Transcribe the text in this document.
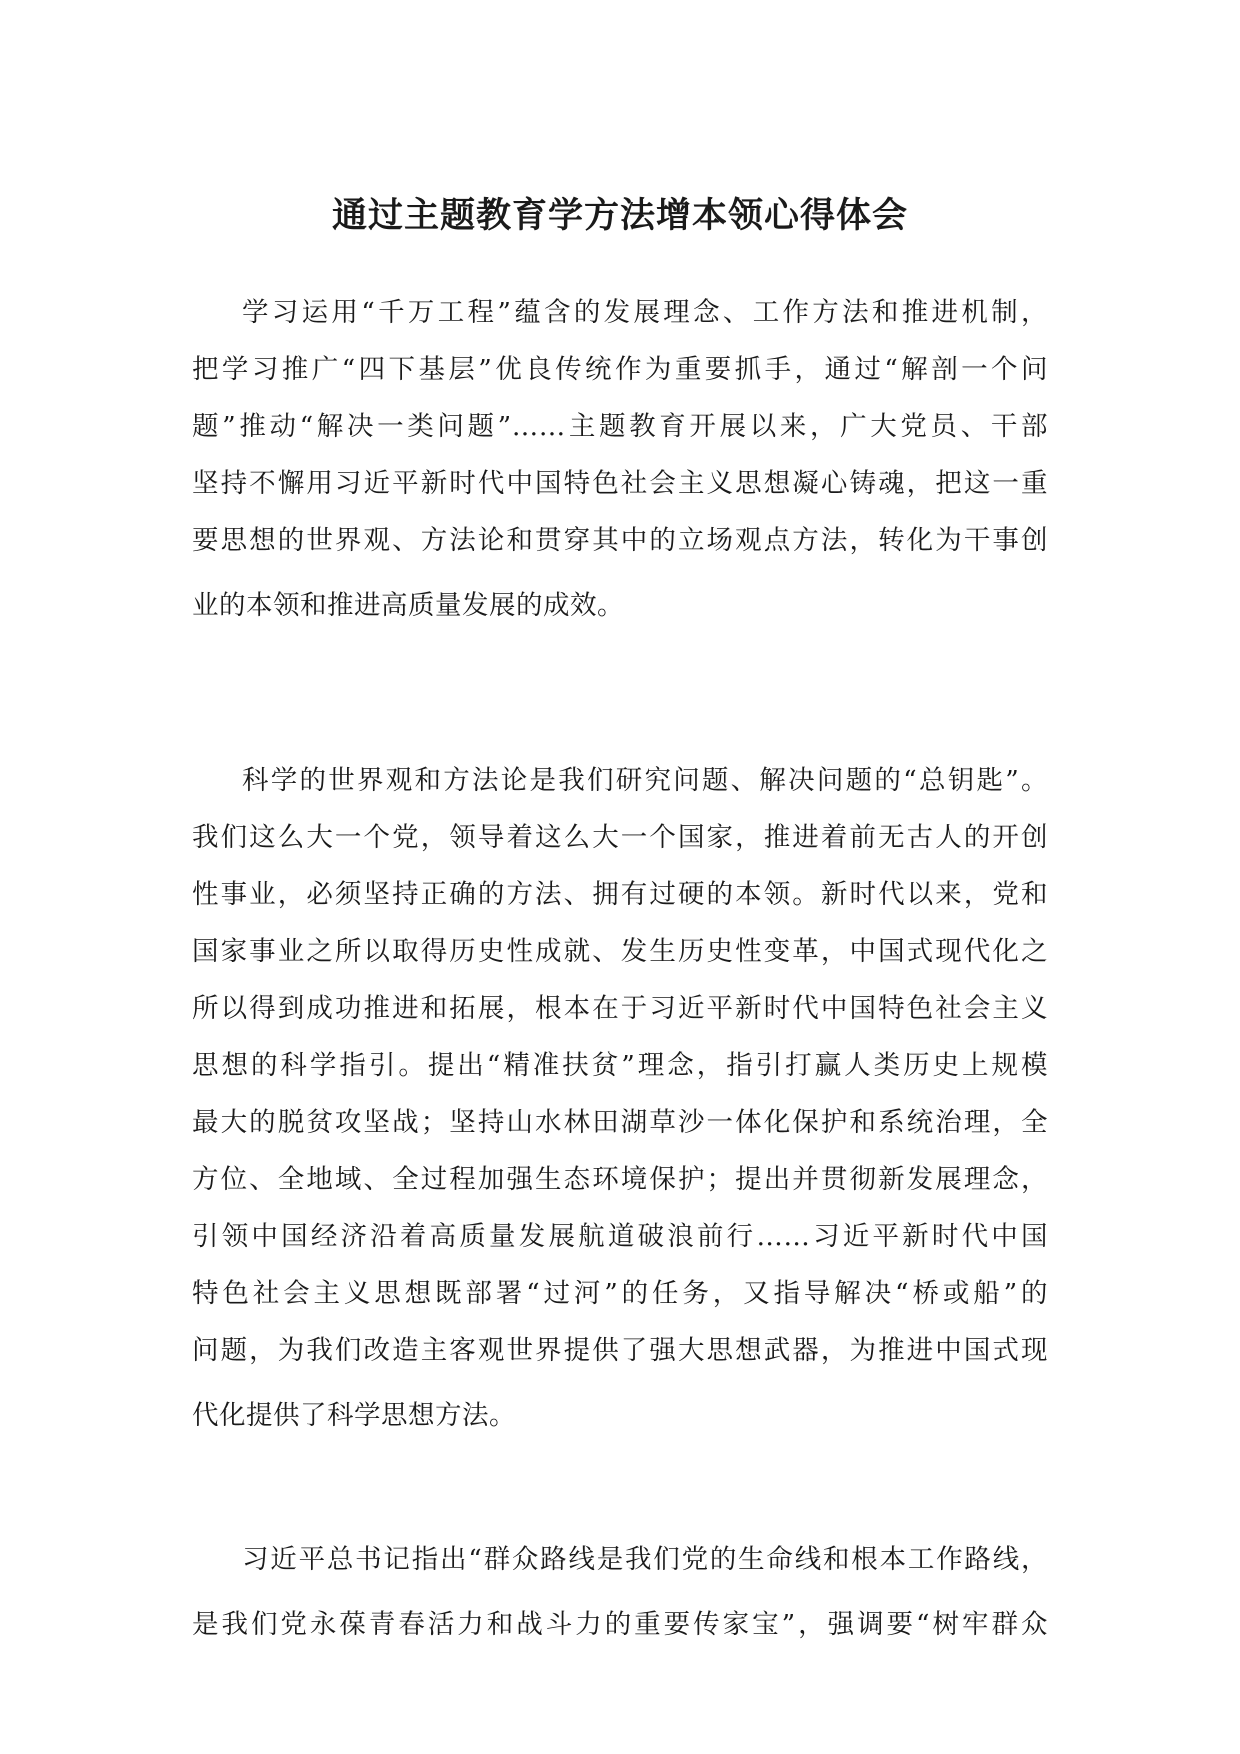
通过主题教育学方法增本领心得体会
学习运用“千万工程”蕴含的发展理念、工作方法和推进机制，
把学习推广“四下基层”优良传统作为重要抓手，通过“解剖一个问
题”推动“解决一类问题”……主题教育开展以来，广大党员、干部
坚持不懈用习近平新时代中国特色社会主义思想凝心铸魂，把这一重
要思想的世界观、方法论和贯穿其中的立场观点方法，转化为干事创
业的本领和推进高质量发展的成效。
科学的世界观和方法论是我们研究问题、解决问题的“总钥匙”。
我们这么大一个党，领导着这么大一个国家，推进着前无古人的开创
性事业，必须坚持正确的方法、拥有过硬的本领。新时代以来，党和
国家事业之所以取得历史性成就、发生历史性变革，中国式现代化之
所以得到成功推进和拓展，根本在于习近平新时代中国特色社会主义
思想的科学指引。提出“精准扶贫”理念，指引打赢人类历史上规模
最大的脱贫攻坚战；坚持山水林田湖草沙一体化保护和系统治理，全
方位、全地域、全过程加强生态环境保护；提出并贯彻新发展理念，
引领中国经济沿着高质量发展航道破浪前行……习近平新时代中国
特色社会主义思想既部署“过河”的任务，又指导解决“桥或船”的
问题，为我们改造主客观世界提供了强大思想武器，为推进中国式现
代化提供了科学思想方法。
习近平总书记指出“群众路线是我们党的生命线和根本工作路线，
是我们党永葆青春活力和战斗力的重要传家宝”，强调要“树牢群众
